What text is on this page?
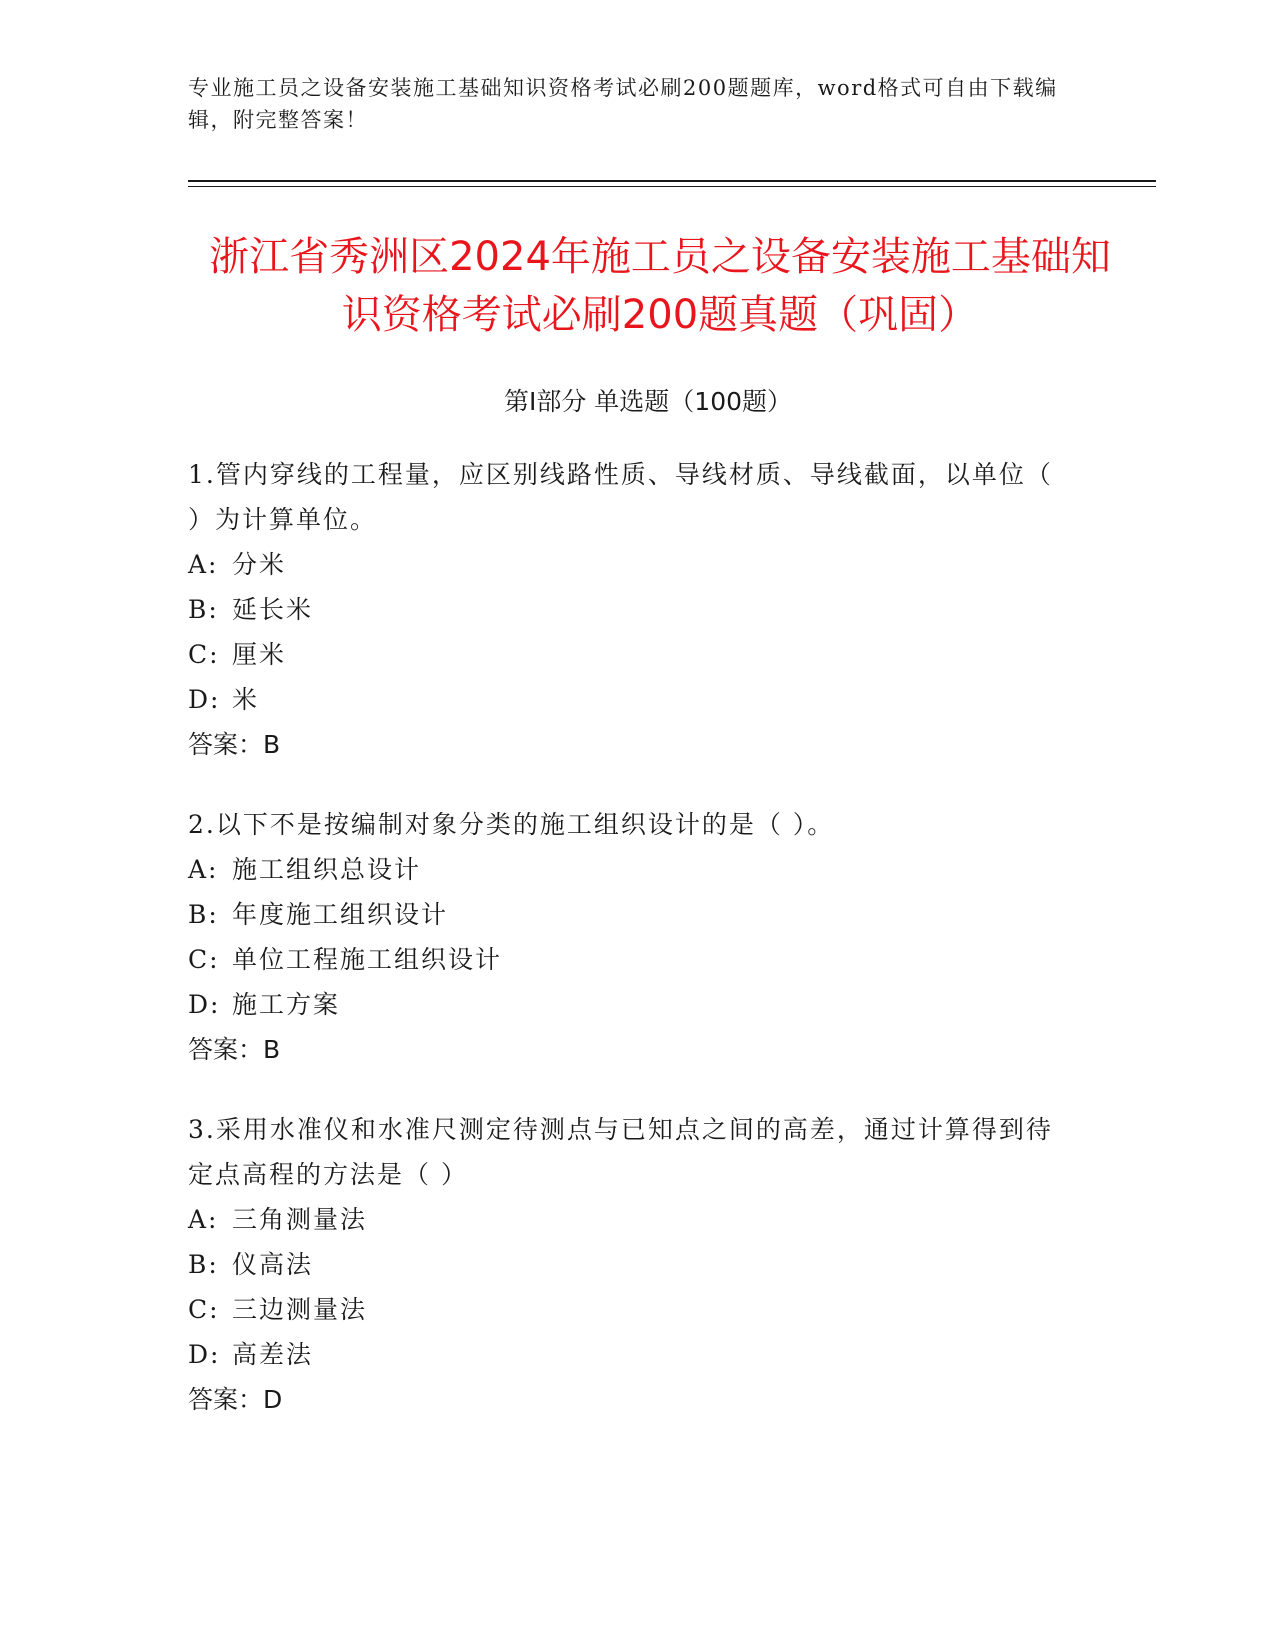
专业施工员之设备安装施工基础知识资格考试必刷200题题库，word格式可自由下载编辑，附完整答案！
浙江省秀洲区2024年施工员之设备安装施工基础知识资格考试必刷200题真题（巩固）
第Ⅰ部分 单选题（100题）
1.管内穿线的工程量，应区别线路性质、导线材质、导线截面，以单位（ ）为计算单位。
A: 分米
B: 延长米
C: 厘米
D: 米
答案：B
2.以下不是按编制对象分类的施工组织设计的是（ ）。
A: 施工组织总设计
B: 年度施工组织设计
C: 单位工程施工组织设计
D: 施工方案
答案：B
3.采用水准仪和水准尺测定待测点与已知点之间的高差，通过计算得到待定点高程的方法是（ ）
A: 三角测量法
B: 仪高法
C: 三边测量法
D: 高差法
答案：D
